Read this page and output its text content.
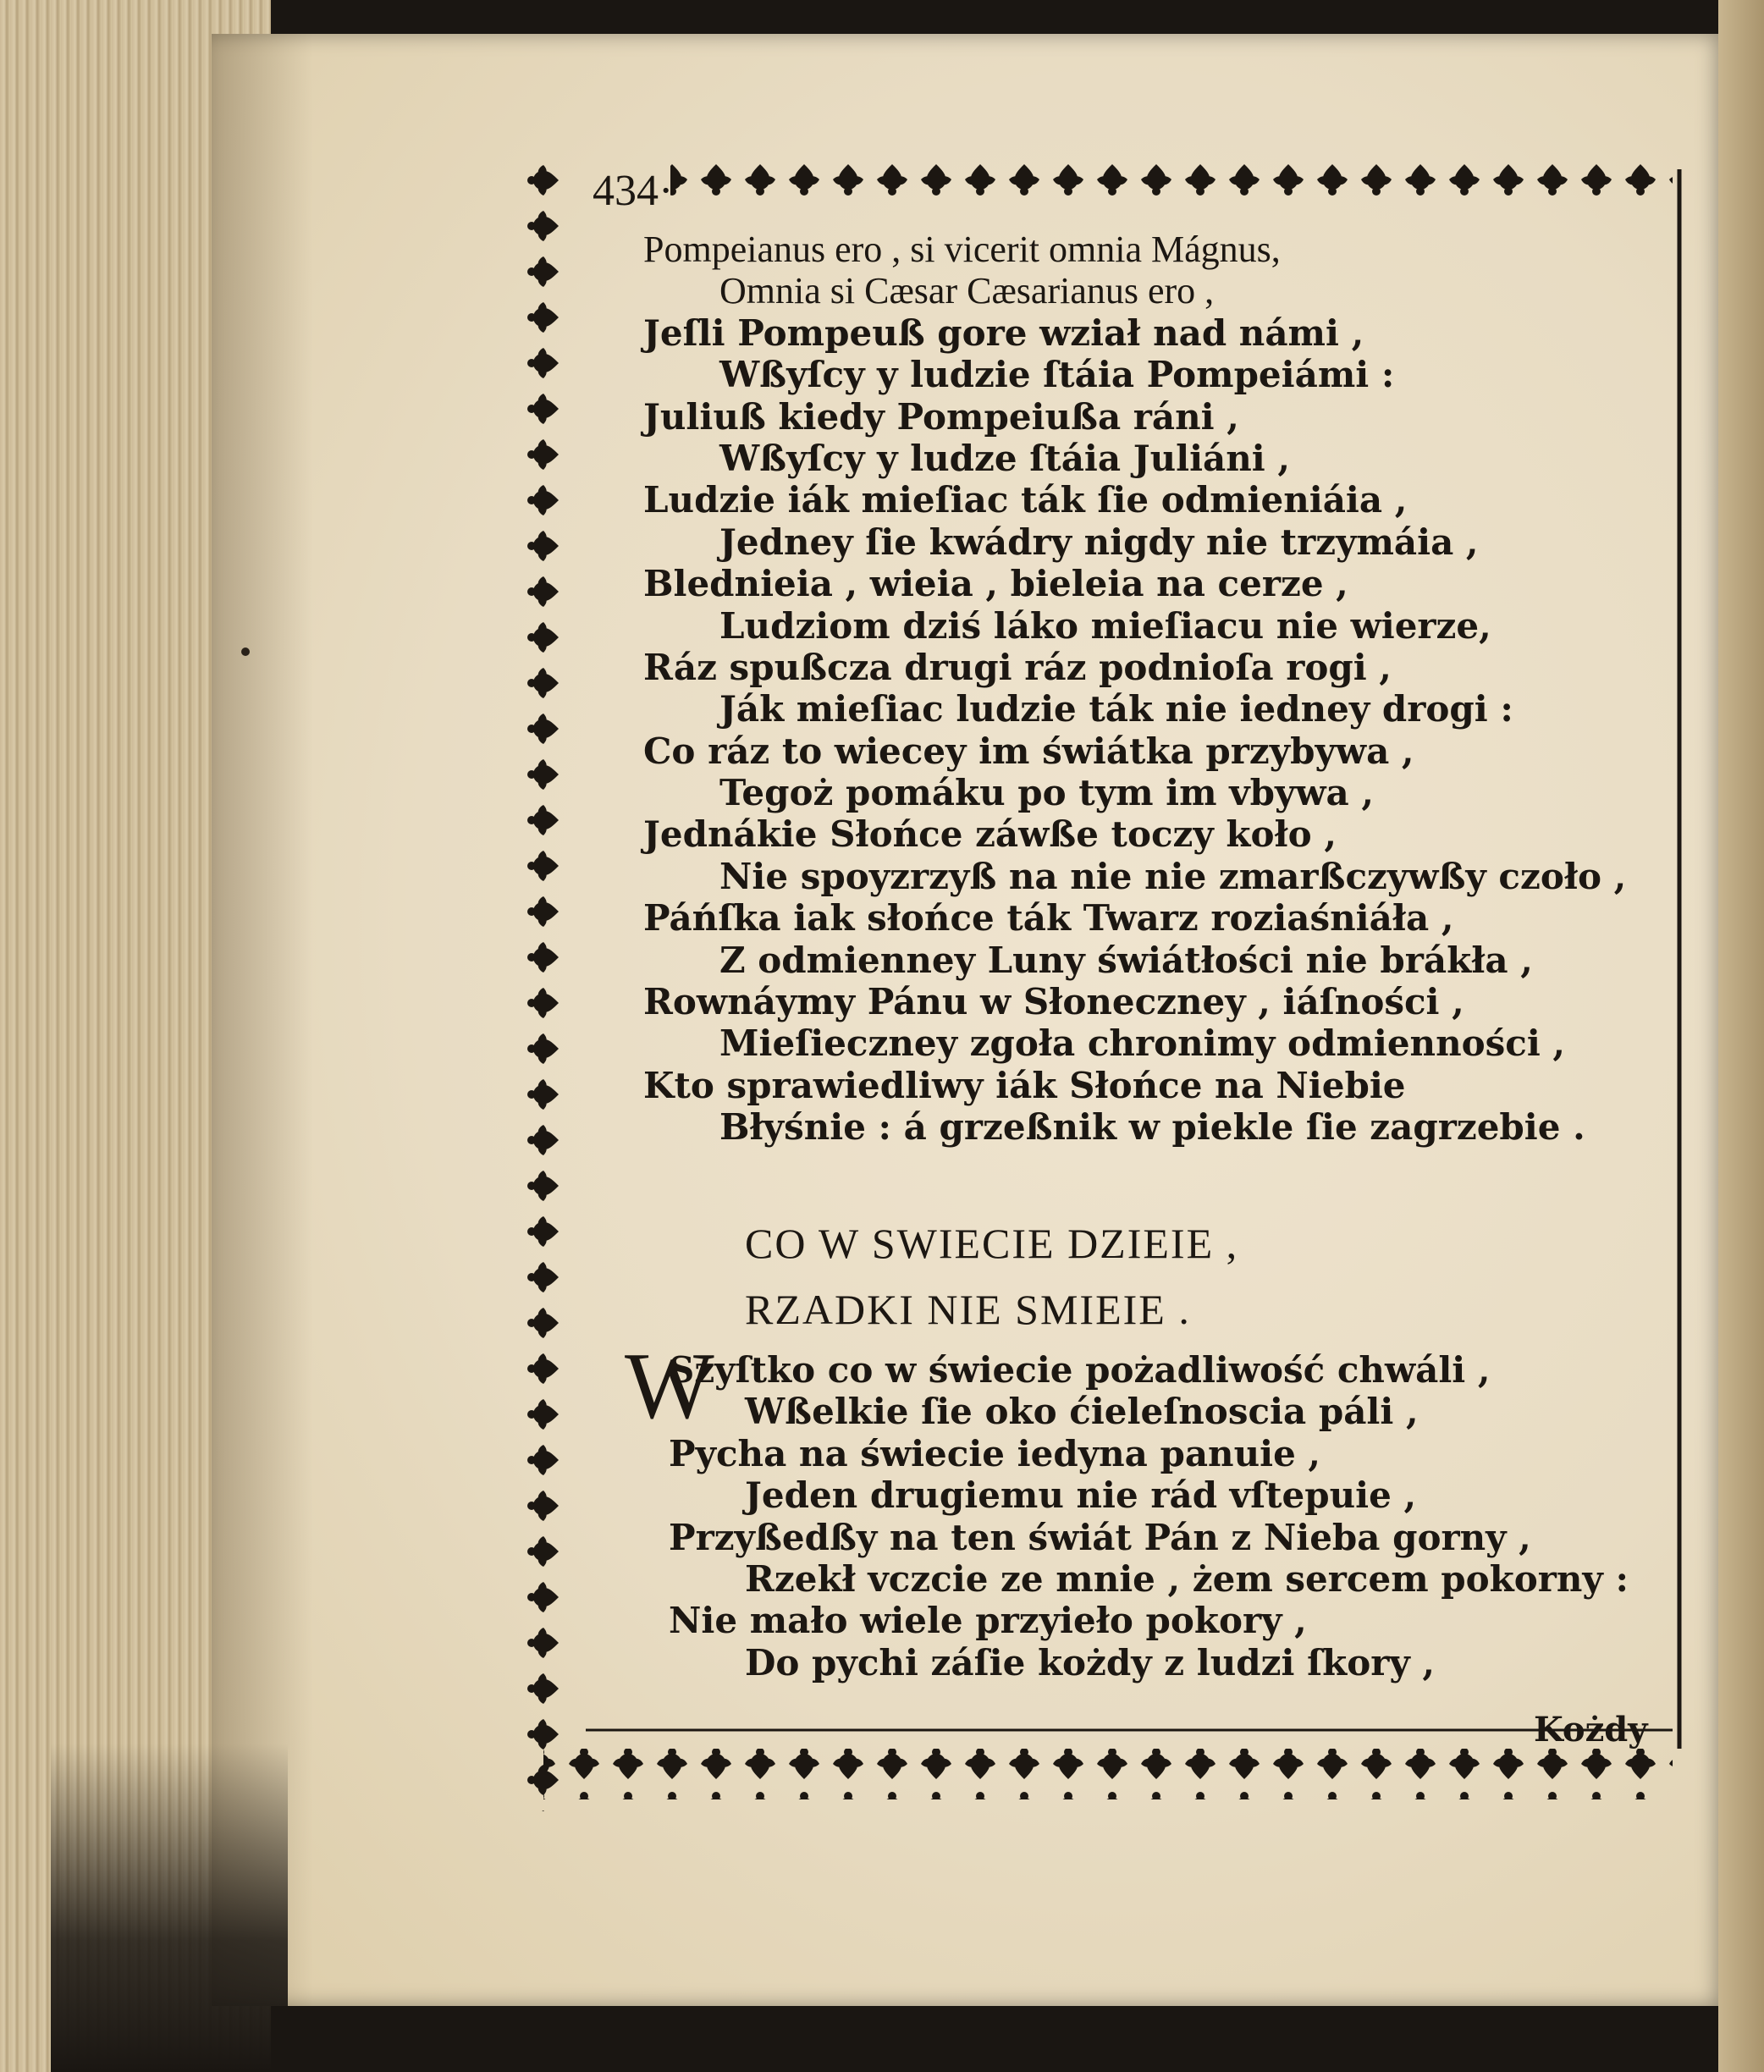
434·
Pompeianus ero , si vicerit omnia Mágnus,
Omnia si Cæsar Cæsarianus ero ,
Jeſli Pompeuß gore wział nad námi ,
Wßyſcy y ludzie ſtáia Pompeiámi :
Juliuß kiedy Pompeiußa ráni ,
Wßyſcy y ludze ſtáia Juliáni ,
Ludzie iák mieſiac ták ſie odmieniáia ,
Jedney ſie kwádry nigdy nie trzymáia ,
Blednieia , wieia , bieleia na cerze ,
Ludziom dziś láko mieſiacu nie wierze,
Ráz spußcza drugi ráz podnioſa rogi ,
Ják mieſiac ludzie ták nie iedney drogi :
Co ráz to wiecey im świátka przybywa ,
Tegoż pomáku po tym im vbywa ,
Jednákie Słońce záwße toczy koło ,
Nie spoyzrzyß na nie nie zmarßczywßy czoło ,
Páńſka iak słońce ták Twarz roziaśniáła ,
Z odmienney Luny świátłości nie brákła ,
Rownáymy Pánu w Słoneczney , iáſności ,
Mieſieczney zgoła chronimy odmienności ,
Kto sprawiedliwy iák Słońce na Niebie
Błyśnie : á grzeßnik w piekle ſie zagrzebie .
CO W SWIECIE DZIEIE ,
RZADKI NIE SMIEIE .
W
Szyſtko co w świecie pożadliwość chwáli ,
Wßelkie ſie oko ćieleſnoscia páli ,
Pycha na świecie iedyna panuie ,
Jeden drugiemu nie rád vſtepuie ,
Przyßedßy na ten świát Pán z Nieba gorny ,
Rzekł vczcie ze mnie , żem sercem pokorny :
Nie mało wiele przyieło pokory ,
Do pychi záſie kożdy z ludzi ſkory ,
Kożdy
